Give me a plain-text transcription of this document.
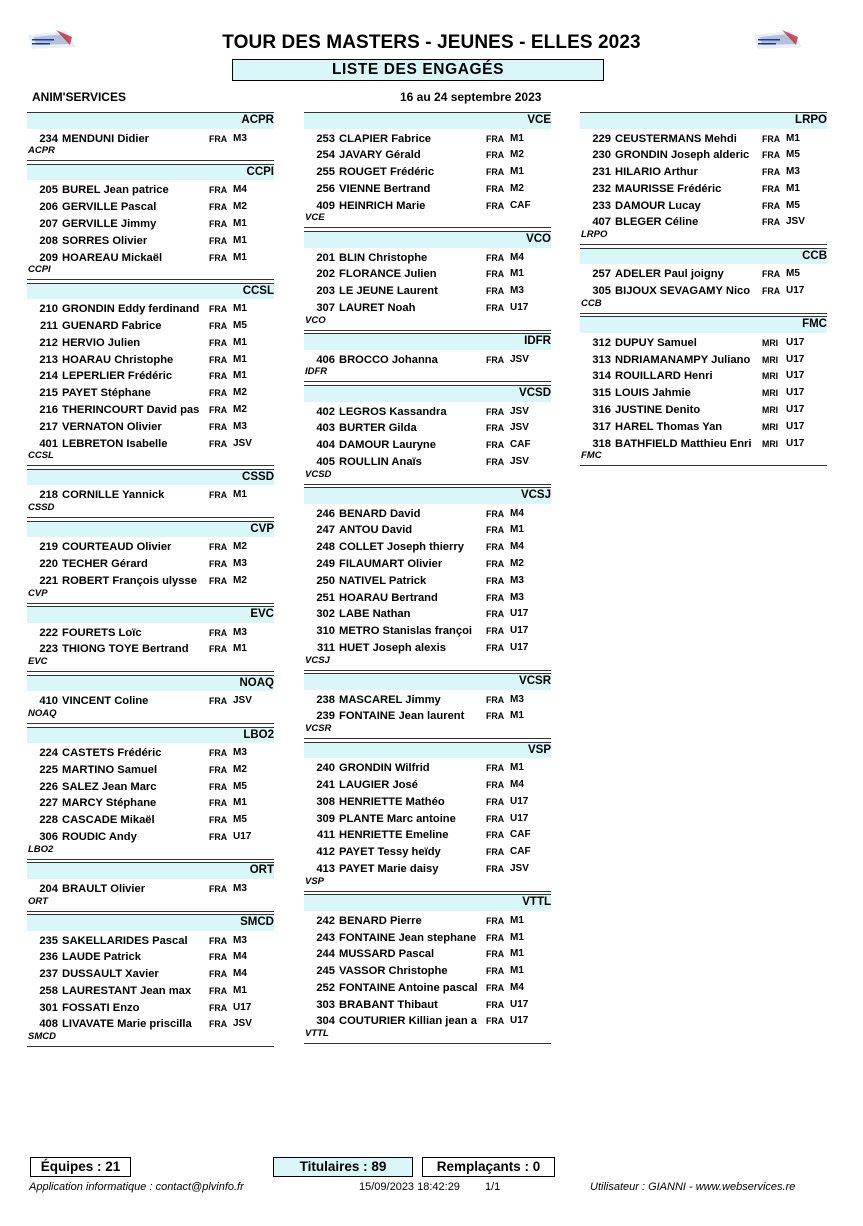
TOUR DES MASTERS - JEUNES - ELLES 2023
LISTE DES ENGAGÉS
ANIM'SERVICES	16 au 24 septembre 2023
ACPR
234 MENDUNI Didier	FRA M3
ACPR
CCPI
205 BUREL Jean patrice	FRA M4
206 GERVILLE Pascal	FRA M2
207 GERVILLE Jimmy	FRA M1
208 SORRES Olivier	FRA M1
209 HOAREAU Mickaël	FRA M1
CCPI
CCSL
210 GRONDIN Eddy ferdinand	FRA M1
211 GUENARD Fabrice	FRA M5
212 HERVIO Julien	FRA M1
213 HOARAU Christophe	FRA M1
214 LEPERLIER Frédéric	FRA M1
215 PAYET Stéphane	FRA M2
216 THERINCOURT David pas	FRA M2
217 VERNATON Olivier	FRA M3
401 LEBRETON Isabelle	FRA JSV
CCSL
CSSD
218 CORNILLE Yannick	FRA M1
CSSD
CVP
219 COURTEAUD Olivier	FRA M2
220 TECHER Gérard	FRA M3
221 ROBERT François ulysse	FRA M2
CVP
EVC
222 FOURETS Loïc	FRA M3
223 THIONG TOYE Bertrand	FRA M1
EVC
NOAQ
410 VINCENT Coline	FRA JSV
NOAQ
LBO2
224 CASTETS Frédéric	FRA M3
225 MARTINO Samuel	FRA M2
226 SALEZ Jean Marc	FRA M5
227 MARCY Stéphane	FRA M1
228 CASCADE Mikaël	FRA M5
306 ROUDIC Andy	FRA U17
LBO2
ORT
204 BRAULT Olivier	FRA M3
ORT
SMCD
235 SAKELLARIDES Pascal	FRA M3
236 LAUDE Patrick	FRA M4
237 DUSSAULT Xavier	FRA M4
258 LAURESTANT Jean max	FRA M1
301 FOSSATI Enzo	FRA U17
408 LIVAVATE Marie priscilla	FRA JSV
SMCD
VCE
253 CLAPIER Fabrice	FRA M1
254 JAVARY Gérald	FRA M2
255 ROUGET Frédéric	FRA M1
256 VIENNE Bertrand	FRA M2
409 HEINRICH Marie	FRA CAF
VCE
VCO
201 BLIN Christophe	FRA M4
202 FLORANCE Julien	FRA M1
203 LE JEUNE Laurent	FRA M3
307 LAURET Noah	FRA U17
VCO
IDFR
406 BROCCO Johanna	FRA JSV
IDFR
VCSD
402 LEGROS Kassandra	FRA JSV
403 BURTER Gilda	FRA JSV
404 DAMOUR Lauryne	FRA CAF
405 ROULLIN Anaïs	FRA JSV
VCSD
VCSJ
246 BENARD David	FRA M4
247 ANTOU David	FRA M1
248 COLLET Joseph thierry	FRA M4
249 FILAUMART Olivier	FRA M2
250 NATIVEL Patrick	FRA M3
251 HOARAU Bertrand	FRA M3
302 LABE Nathan	FRA U17
310 METRO Stanislas françoi	FRA U17
311 HUET Joseph alexis	FRA U17
VCSJ
VCSR
238 MASCAREL Jimmy	FRA M3
239 FONTAINE Jean laurent	FRA M1
VCSR
VSP
240 GRONDIN Wilfrid	FRA M1
241 LAUGIER José	FRA M4
308 HENRIETTE Mathéo	FRA U17
309 PLANTE Marc antoine	FRA U17
411 HENRIETTE Emeline	FRA CAF
412 PAYET Tessy heïdy	FRA CAF
413 PAYET Marie daisy	FRA JSV
VSP
VTTL
242 BENARD Pierre	FRA M1
243 FONTAINE Jean stephane	FRA M1
244 MUSSARD Pascal	FRA M1
245 VASSOR Christophe	FRA M1
252 FONTAINE Antoine pascal FRA M4
303 BRABANT Thibaut	FRA U17
304 COUTURIER Killian jean a	FRA U17
VTTL
LRPO
229 CEUSTERMANS Mehdi	FRA M1
230 GRONDIN Joseph alderic	FRA M5
231 HILARIO Arthur	FRA M3
232 MAURISSE Frédéric	FRA M1
233 DAMOUR Lucay	FRA M5
407 BLEGER Céline	FRA JSV
LRPO
CCB
257 ADELER Paul joigny	FRA M5
305 BIJOUX SEVAGAMY Nico	FRA U17
CCB
FMC
312 DUPUY Samuel	MRI U17
313 NDRIAMANAMPY Juliano	MRI U17
314 ROUILLARD Henri	MRI U17
315 LOUIS Jahmie	MRI U17
316 JUSTINE Denito	MRI U17
317 HAREL Thomas Yan	MRI U17
318 BATHFIELD Matthieu Enri	MRI U17
FMC
Équipes : 21	Titulaires : 89	Remplaçants : 0
Application informatique : contact@plvinfo.fr	15/09/2023 18:42:29 1/1	Utilisateur : GIANNI - www.webservices.re
